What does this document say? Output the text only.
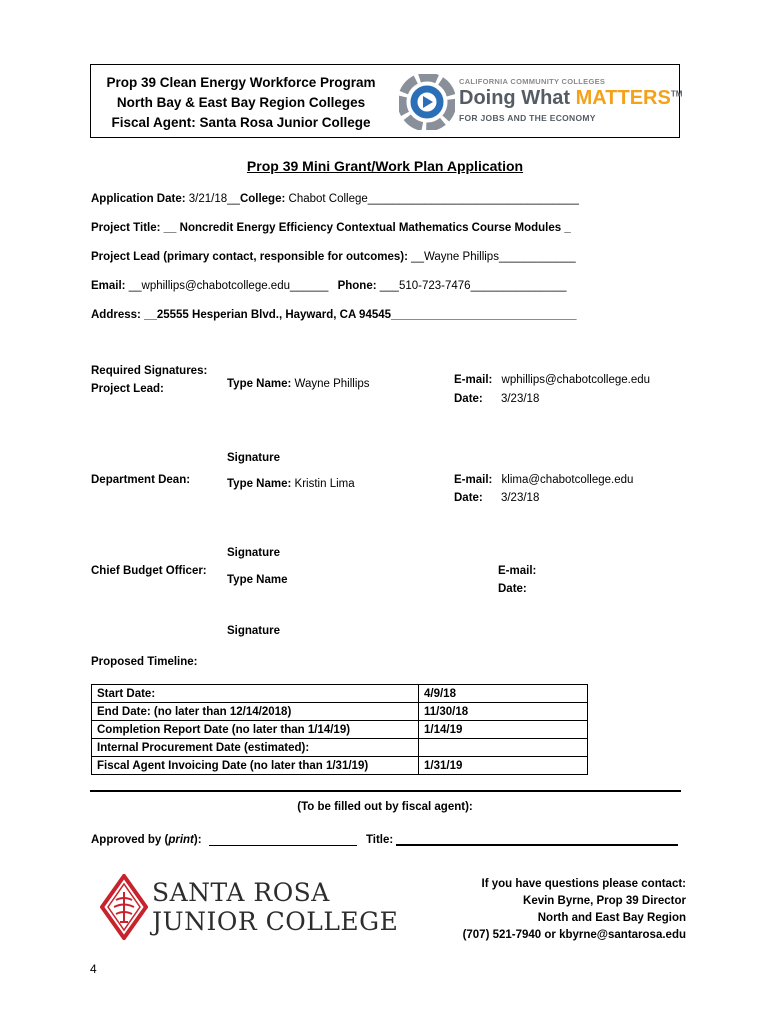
Prop 39 Clean Energy Workforce Program
North Bay & East Bay Region Colleges
Fiscal Agent: Santa Rosa Junior College
CALIFORNIA COMMUNITY COLLEGES
Doing What MATTERS™
FOR JOBS AND THE ECONOMY
Prop 39 Mini Grant/Work Plan Application
Application Date: 3/21/18__College: Chabot College_________________________________
Project Title: __ Noncredit Energy Efficiency Contextual Mathematics Course Modules _
Project Lead (primary contact, responsible for outcomes): __Wayne Phillips____________
Email: __wphillips@chabotcollege.edu______ Phone: ___510-723-7476_______________
Address: __25555 Hesperian Blvd., Hayward, CA 94545_____________________________
Required Signatures:
Project Lead:	Type Name: Wayne Phillips	E-mail: wphillips@chabotcollege.edu
Date: 3/23/18
Signature
Department Dean:	Type Name: Kristin Lima	E-mail: klima@chabotcollege.edu
Date: 3/23/18
Signature
Chief Budget Officer:
Type Name
E-mail:
Date:
Signature
Proposed Timeline:
Start Date:	4/9/18
End Date: (no later than 12/14/2018)	11/30/18
Completion Report Date (no later than 1/14/19)	1/14/19
Internal Procurement Date (estimated):	
Fiscal Agent Invoicing Date (no later than 1/31/19)	1/31/19
(To be filled out by fiscal agent):
Approved by (print):	Title:
SANTA ROSA
JUNIOR COLLEGE
If you have questions please contact:
Kevin Byrne, Prop 39 Director
North and East Bay Region
(707) 521-7940 or kbyrne@santarosa.edu
4
